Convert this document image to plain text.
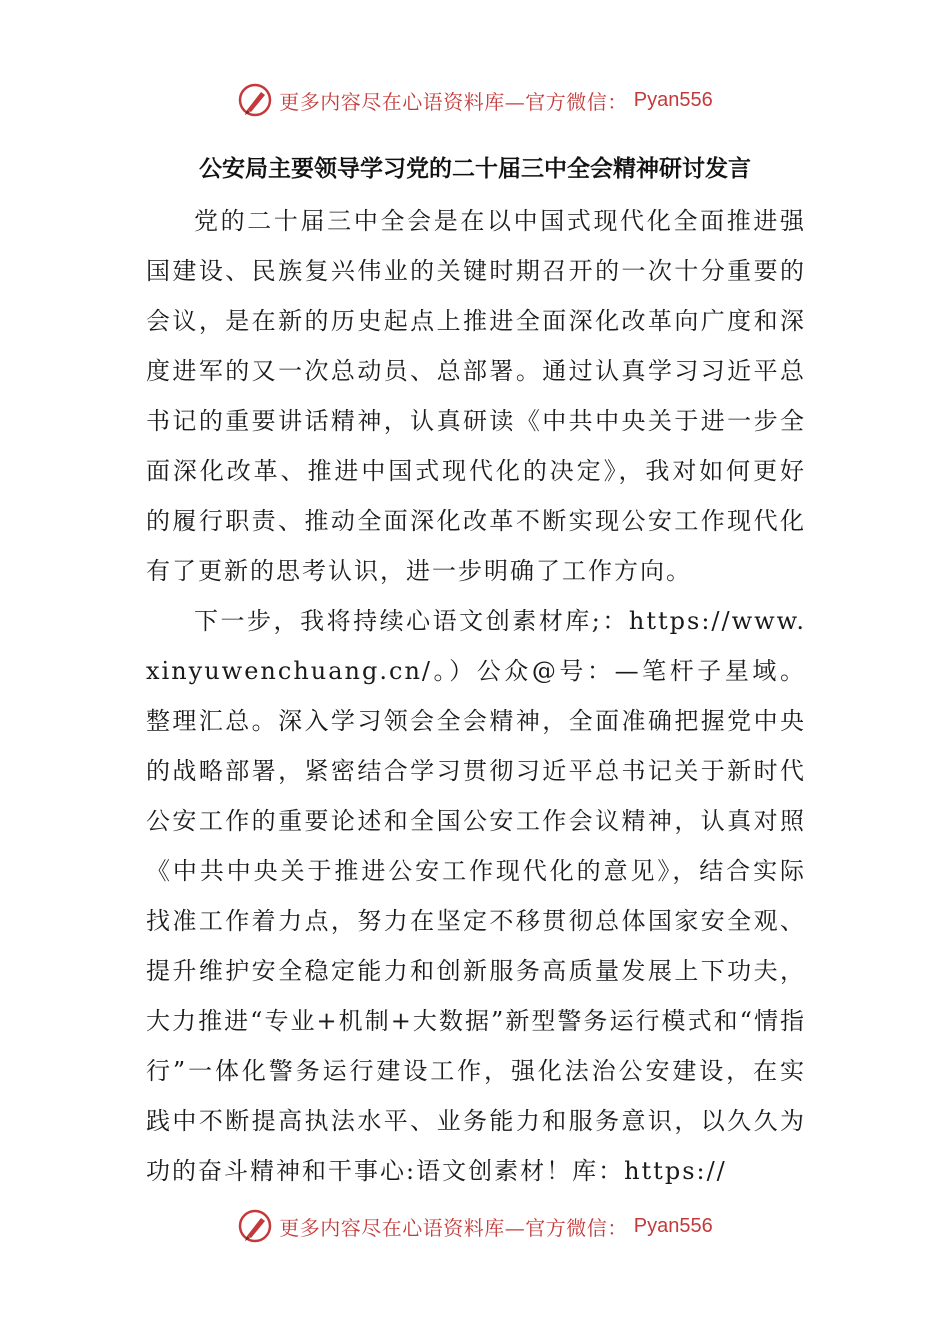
更多内容尽在心语资料库—官方微信： Pyan556
公安局主要领导学习党的二十届三中全会精神研讨发言

党的二十届三中全会是在以中国式现代化全面推进强国建设、民族复兴伟业的关键时期召开的一次十分重要的会议，是在新的历史起点上推进全面深化改革向广度和深度进军的又一次总动员、总部署。通过认真学习习近平总书记的重要讲话精神，认真研读《中共中央关于进一步全面深化改革、推进中国式现代化的决定》，我对如何更好的履行职责、推动全面深化改革不断实现公安工作现代化有了更新的思考认识，进一步明确了工作方向。

下一步，我将持续心语文创素材库;：https://www.xinyuwenchuang.cn/。）公众@号：—笔杆子星域。整理汇总。深入学习领会全会精神，全面准确把握党中央的战略部署，紧密结合学习贯彻习近平总书记关于新时代公安工作的重要论述和全国公安工作会议精神，认真对照《中共中央关于推进公安工作现代化的意见》，结合实际找准工作着力点，努力在坚定不移贯彻总体国家安全观、提升维护安全稳定能力和创新服务高质量发展上下功夫，大力推进“专业+机制+大数据”新型警务运行模式和“情指行”一体化警务运行建设工作，强化法治公安建设，在实践中不断提高执法水平、业务能力和服务意识，以久久为功的奋斗精神和干事心:语文创素材！库：https://

更多内容尽在心语资料库—官方微信： Pyan556
